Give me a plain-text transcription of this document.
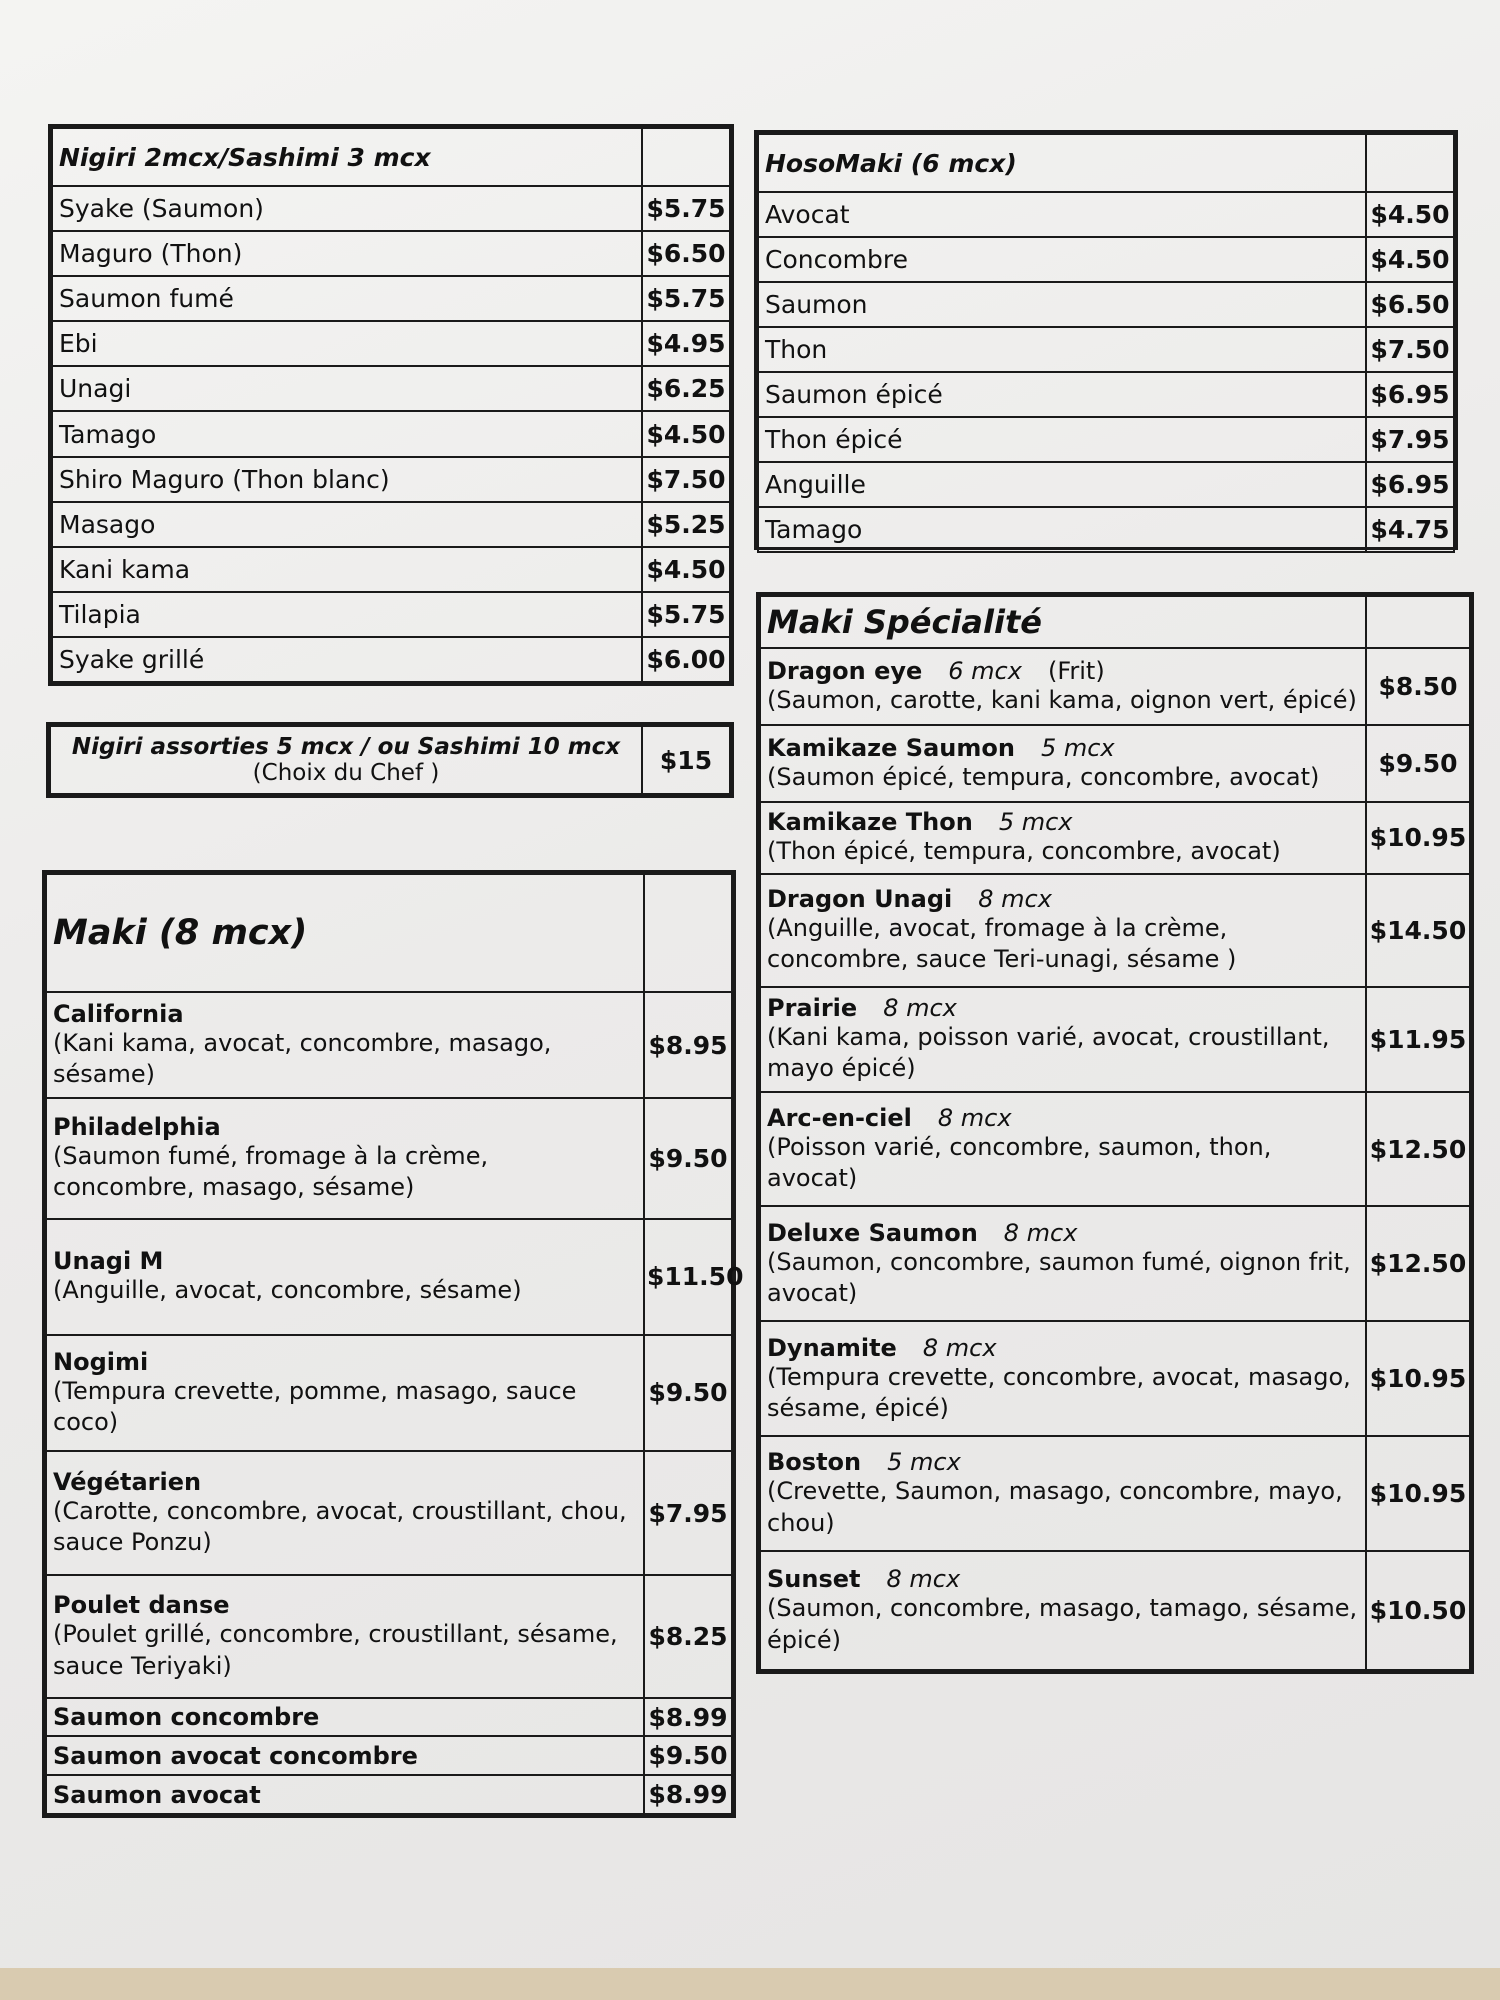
Nigiri 2mcx/Sashimi 3 mcx	
Syake (Saumon)	$5.75
Maguro (Thon)	$6.50
Saumon fumé	$5.75
Ebi	$4.95
Unagi	$6.25
Tamago	$4.50
Shiro Maguro (Thon blanc)	$7.50
Masago	$5.25
Kani kama	$4.50
Tilapia	$5.75
Syake grillé	$6.00
Nigiri assorties 5 mcx / ou Sashimi 10 mcx
(Choix du Chef )	$15
Maki (8 mcx)	

California
(Kani kama, avocat, concombre, masago, sésame)	$8.95

Philadelphia
(Saumon fumé, fromage à la crème, concombre, masago, sésame)	$9.50

Unagi M
(Anguille, avocat, concombre, sésame)	$11.50

Nogimi
(Tempura crevette, pomme, masago, sauce coco)	$9.50

Végétarien
(Carotte, concombre, avocat, croustillant, chou, sauce Ponzu)	$7.95

Poulet danse
(Poulet grillé, concombre, croustillant, sésame, sauce Teriyaki)	$8.25
Saumon concombre	$8.99
Saumon avocat concombre	$9.50
Saumon avocat	$8.99
HosoMaki (6 mcx)	
Avocat	$4.50
Concombre	$4.50
Saumon	$6.50
Thon	$7.50
Saumon épicé	$6.95
Thon épicé	$7.95
Anguille	$6.95
Tamago	$4.75
Maki Spécialité	

Dragon eye 6 mcx (Frit)
(Saumon, carotte, kani kama, oignon vert, épicé)	$8.50

Kamikaze Saumon 5 mcx
(Saumon épicé, tempura, concombre, avocat)	$9.50

Kamikaze Thon 5 mcx
(Thon épicé, tempura, concombre, avocat)	$10.95

Dragon Unagi 8 mcx
(Anguille, avocat, fromage à la crème, concombre, sauce Teri-unagi, sésame )	$14.50

Prairie 8 mcx
(Kani kama, poisson varié, avocat, croustillant, mayo épicé)	$11.95

Arc-en-ciel 8 mcx
(Poisson varié, concombre, saumon, thon, avocat)	$12.50

Deluxe Saumon 8 mcx
(Saumon, concombre, saumon fumé, oignon frit, avocat)	$12.50

Dynamite 8 mcx
(Tempura crevette, concombre, avocat, masago, sésame, épicé)	$10.95

Boston 5 mcx
(Crevette, Saumon, masago, concombre, mayo, chou)	$10.95

Sunset 8 mcx
(Saumon, concombre, masago, tamago, sésame, épicé)	$10.50
